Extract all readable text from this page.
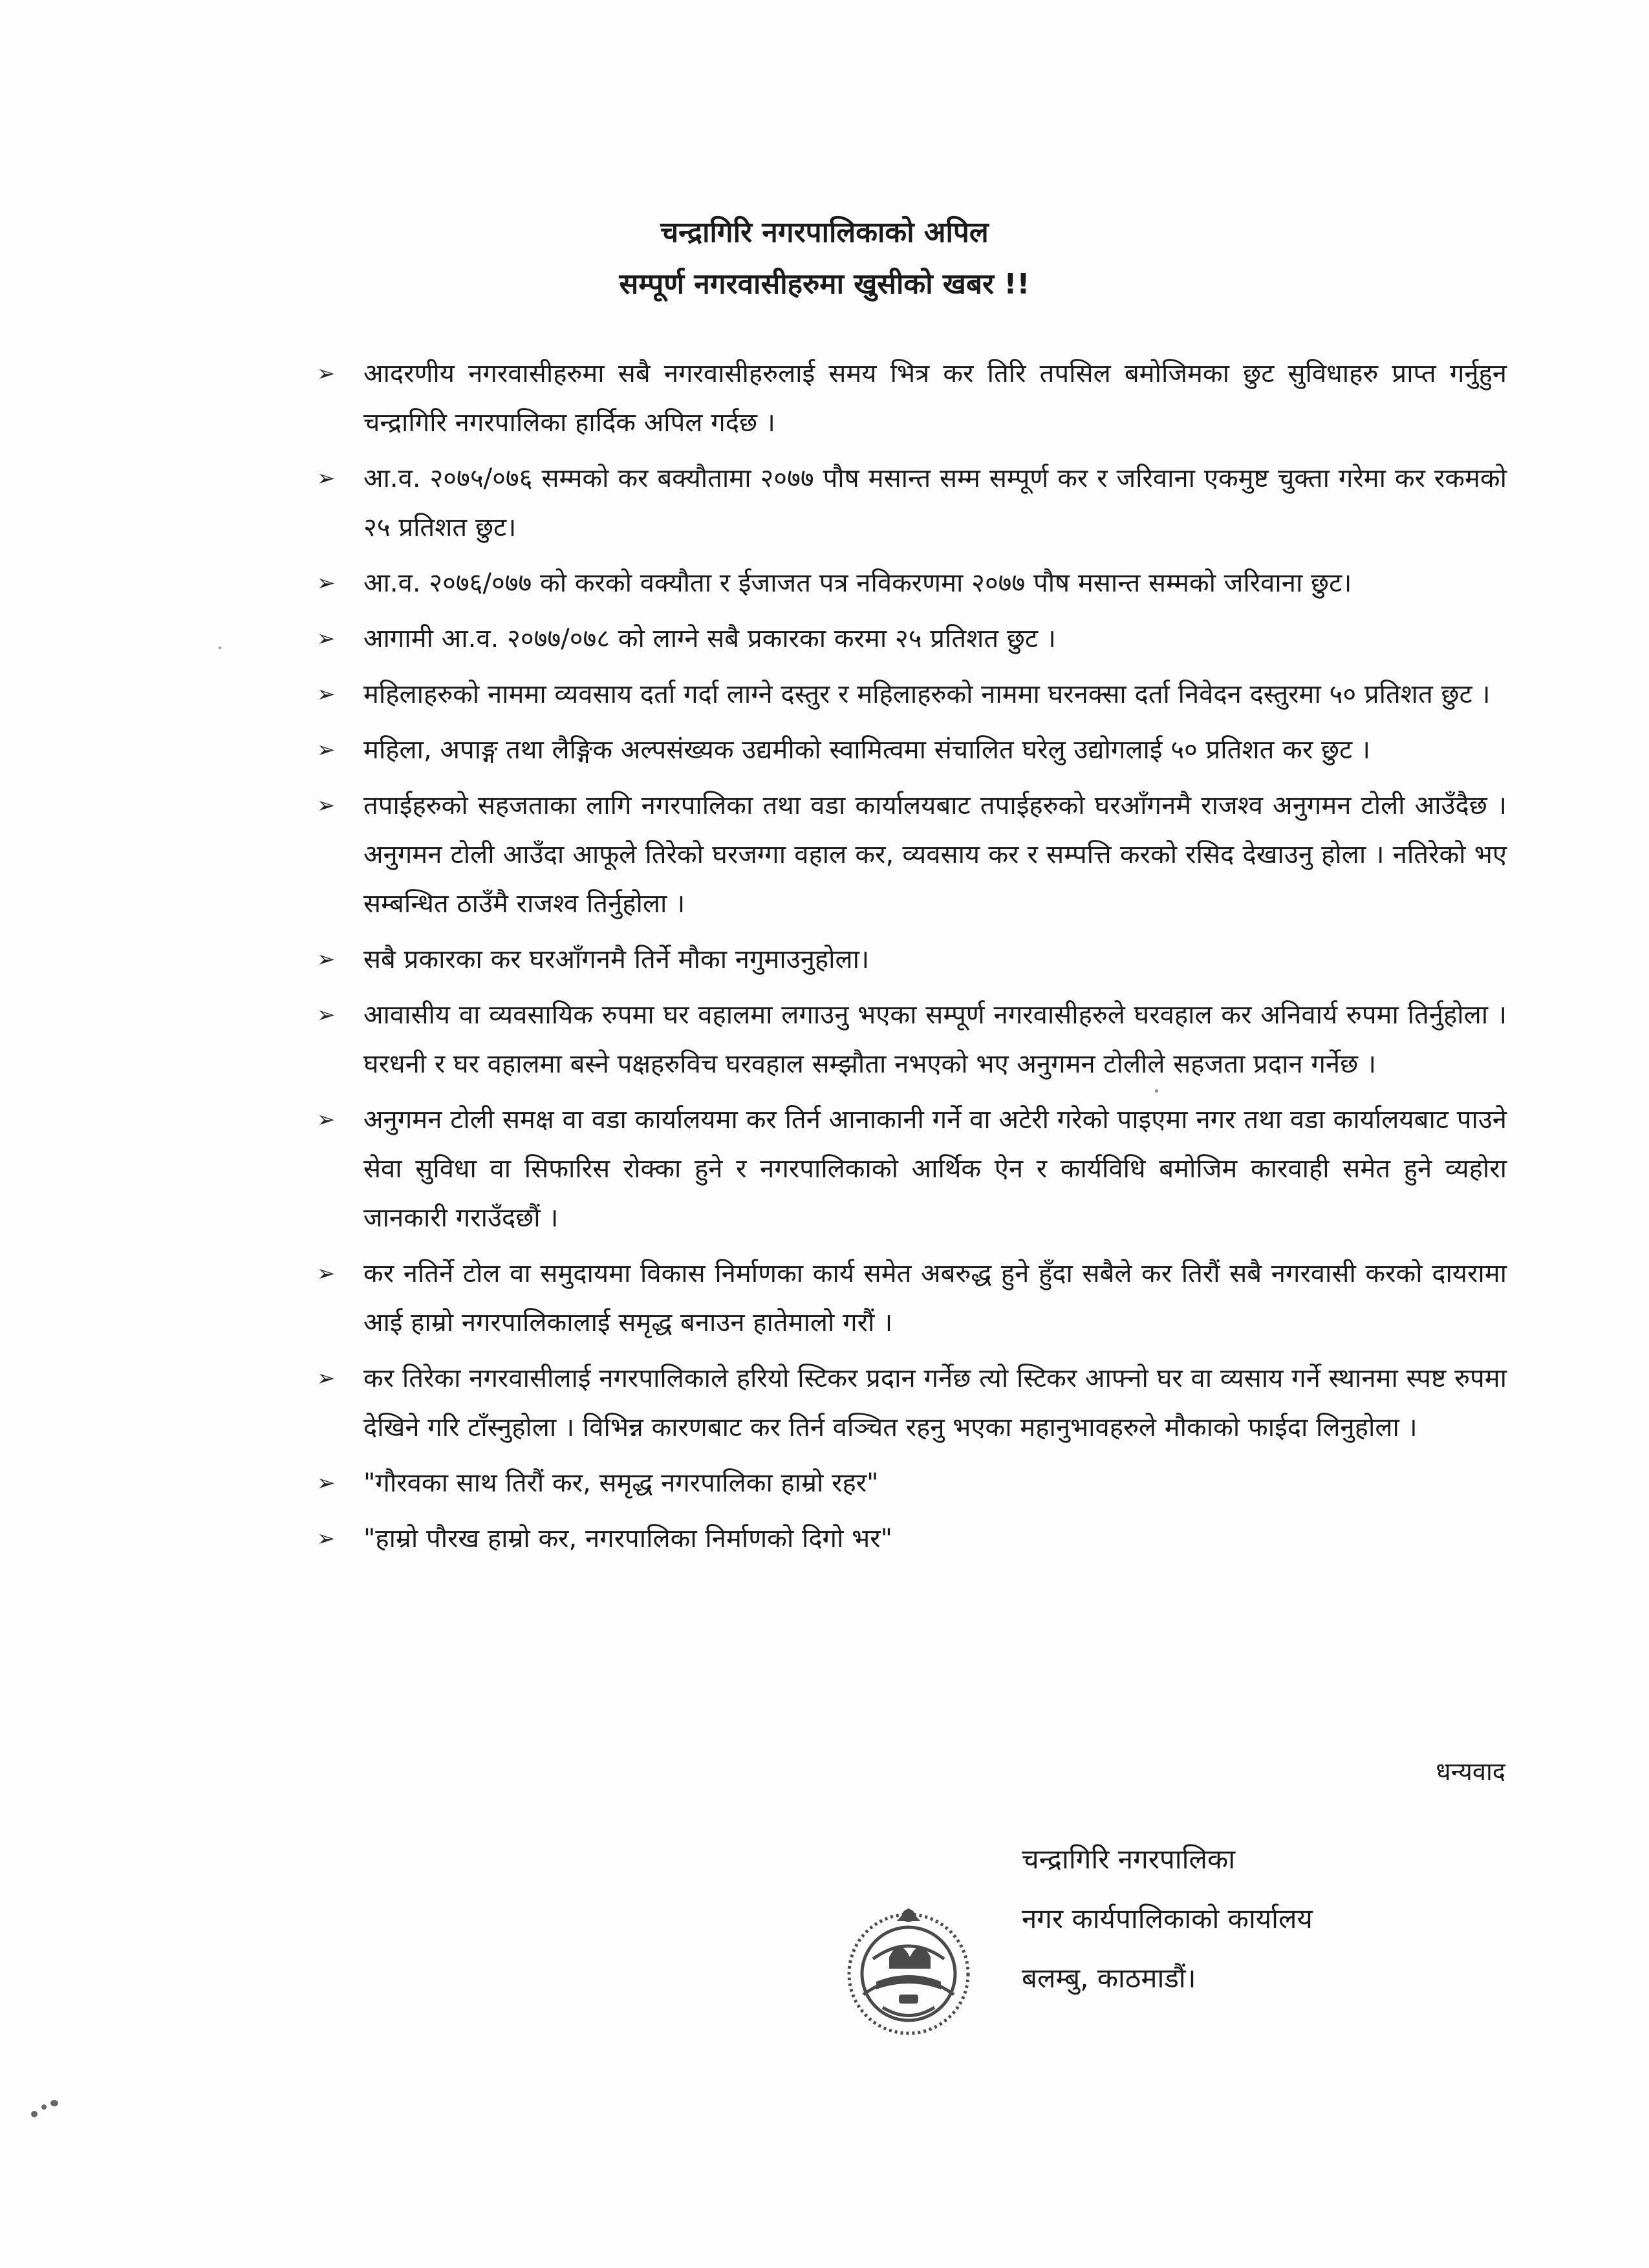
चन्द्रागिरि नगरपालिकाको अपिल
सम्पूर्ण नगरवासीहरुमा खुसीको खबर !!
➢ आदरणीय नगरवासीहरुमा सबै नगरवासीहरुलाई समय भित्र कर तिरि तपसिल बमोजिमका छुट सुविधाहरु प्राप्त गर्नुहुन चन्द्रागिरि नगरपालिका हार्दिक अपिल गर्दछ ।
➢ आ.व. २०७५/०७६ सम्मको कर बक्यौतामा २०७७ पौष मसान्त सम्म सम्पूर्ण कर र जरिवाना एकमुष्ट चुक्ता गरेमा कर रकमको २५ प्रतिशत छुट।
➢ आ.व. २०७६/०७७ को करको वक्यौता र ईजाजत पत्र नविकरणमा २०७७ पौष मसान्त सम्मको जरिवाना छुट।
➢ आगामी आ.व. २०७७/०७८ को लाग्ने सबै प्रकारका करमा २५ प्रतिशत छुट ।
➢ महिलाहरुको नाममा व्यवसाय दर्ता गर्दा लाग्ने दस्तुर र महिलाहरुको नाममा घरनक्सा दर्ता निवेदन दस्तुरमा ५० प्रतिशत छुट ।
➢ महिला, अपाङ्ग तथा लैङ्गिक अल्पसंख्यक उद्यमीको स्वामित्वमा संचालित घरेलु उद्योगलाई ५० प्रतिशत कर छुट ।
➢ तपाईहरुको सहजताका लागि नगरपालिका तथा वडा कार्यालयबाट तपाईहरुको घरआँगनमै राजश्व अनुगमन टोली आउँदैछ । अनुगमन टोली आउँदा आफूले तिरेको घरजग्गा वहाल कर, व्यवसाय कर र सम्पत्ति करको रसिद देखाउनु होला । नतिरेको भए सम्बन्धित ठाउँमै राजश्व तिर्नुहोला ।
➢ सबै प्रकारका कर घरआँगनमै तिर्ने मौका नगुमाउनुहोला।
➢ आवासीय वा व्यवसायिक रुपमा घर वहालमा लगाउनु भएका सम्पूर्ण नगरवासीहरुले घरवहाल कर अनिवार्य रुपमा तिर्नुहोला । घरधनी र घर वहालमा बस्ने पक्षहरुविच घरवहाल सम्झौता नभएको भए अनुगमन टोलीले सहजता प्रदान गर्नेछ ।
➢ अनुगमन टोली समक्ष वा वडा कार्यालयमा कर तिर्न आनाकानी गर्ने वा अटेरी गरेको पाइएमा नगर तथा वडा कार्यालयबाट पाउने सेवा सुविधा वा सिफारिस रोक्का हुने र नगरपालिकाको आर्थिक ऐन र कार्यविधि बमोजिम कारवाही समेत हुने व्यहोरा जानकारी गराउँदछौं ।
➢ कर नतिर्ने टोल वा समुदायमा विकास निर्माणका कार्य समेत अबरुद्ध हुने हुँदा सबैले कर तिरौं सबै नगरवासी करको दायरामा आई हाम्रो नगरपालिकालाई समृद्ध बनाउन हातेमालो गरौं ।
➢ कर तिरेका नगरवासीलाई नगरपालिकाले हरियो स्टिकर प्रदान गर्नेछ त्यो स्टिकर आफ्नो घर वा व्यसाय गर्ने स्थानमा स्पष्ट रुपमा देखिने गरि टाँस्नुहोला । विभिन्न कारणबाट कर तिर्न वञ्चित रहनु भएका महानुभावहरुले मौकाको फाईदा लिनुहोला ।
➢ "गौरवका साथ तिरौं कर, समृद्ध नगरपालिका हाम्रो रहर"
➢ "हाम्रो पौरख हाम्रो कर, नगरपालिका निर्माणको दिगो भर"

धन्यवाद

चन्द्रागिरि नगरपालिका

नगर कार्यपालिकाको कार्यालय

बलम्बु, काठमाडौं।
